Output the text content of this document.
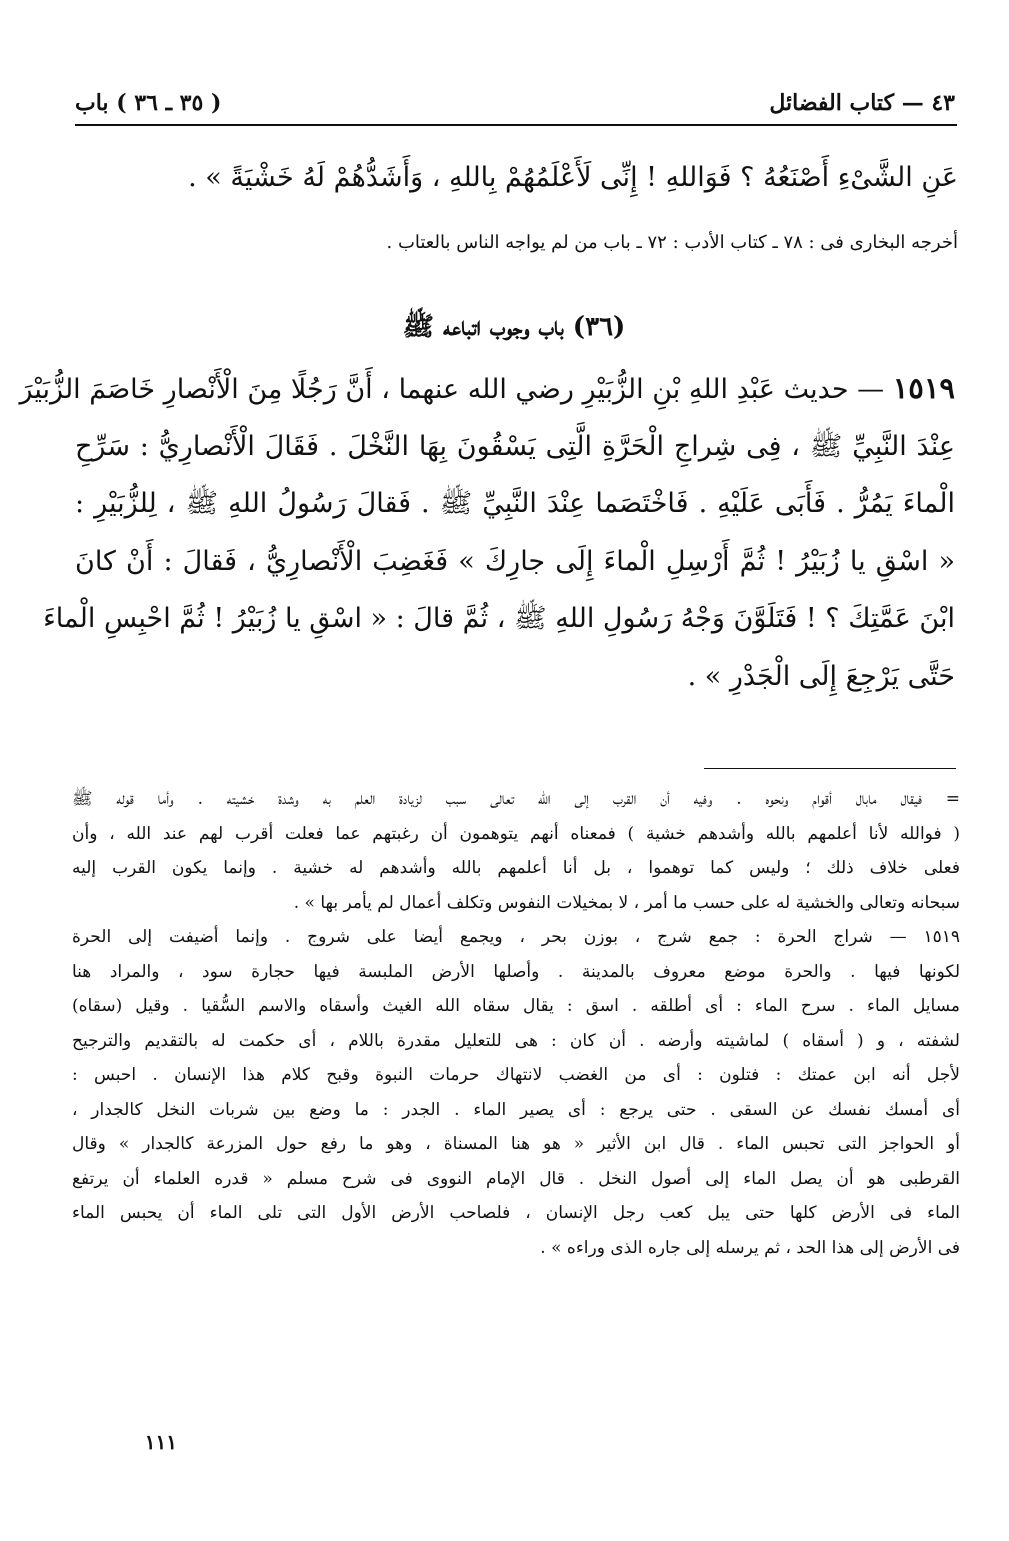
٤٣ — كتاب الفضائل
( ٣٥ ـ ٣٦ ) باب
عَنِ الشَّىْءِ أَصْنَعُهُ ؟ فَوَاللهِ ! إِنِّى لَأَعْلَمُهُمْ بِاللهِ ، وَأَشَدُّهُمْ لَهُ خَشْيَةً » .
أخرجه البخارى فى : ٧٨ ـ كتاب الأدب : ٧٢ ـ باب من لم يواجه الناس بالعتاب .
(٣٦) باب وجوب اتباعه ﷺ
١٥١٩ — حديث عَبْدِ اللهِ بْنِ الزُّبَيْرِ رضي الله عنهما ، أَنَّ رَجُلًا مِنَ الْأَنْصارِ خَاصَمَ الزُّبَيْرَ
عِنْدَ النَّبِيِّ ﷺ ، فِى شِراجِ الْحَرَّةِ الَّتِى يَسْقُونَ بِهَا النَّخْلَ . فَقَالَ الْأَنْصارِيُّ : سَرِّحِ
الْماءَ يَمُرُّ . فَأَبَى عَلَيْهِ . فَاخْتَصَما عِنْدَ النَّبِيِّ ﷺ . فَقالَ رَسُولُ اللهِ ﷺ ، لِلزُّبَيْرِ :
« اسْقِ يا زُبَيْرُ ! ثُمَّ أَرْسِلِ الْماءَ إِلَى جارِكَ » فَغَضِبَ الْأَنْصارِيُّ ، فَقالَ : أَنْ كانَ
ابْنَ عَمَّتِكَ ؟ ! فَتَلَوَّنَ وَجْهُ رَسُولِ اللهِ ﷺ ، ثُمَّ قالَ : « اسْقِ يا زُبَيْرُ ! ثُمَّ احْبِسِ الْماءَ
حَتَّى يَرْجِعَ إِلَى الْجَدْرِ » .
= فيقال مابال أقوام ونحوه . وفيه أن القرب إلى الله تعالى سبب لزيادة العلم به وشدة خشيته . وأما قوله ﷺ
( فوالله لأنا أعلمهم بالله وأشدهم خشية ) فمعناه أنهم يتوهمون أن رغبتهم عما فعلت أقرب لهم عند الله ، وأن
فعلى خلاف ذلك ؛ وليس كما توهموا ، بل أنا أعلمهم بالله وأشدهم له خشية . وإنما يكون القرب إليه
سبحانه وتعالى والخشية له على حسب ما أمر ، لا بمخيلات النفوس وتكلف أعمال لم يأمر بها » .
١٥١٩ — شراج الحرة : جمع شرج ، بوزن بحر ، ويجمع أيضا على شروج . وإنما أضيفت إلى الحرة
لكونها فيها . والحرة موضع معروف بالمدينة . وأصلها الأرض الملبسة فيها حجارة سود ، والمراد هنا
مسايل الماء . سرح الماء : أى أطلقه . اسق : يقال سقاه الله الغيث وأسقاه والاسم السُّقيا . وقيل (سقاه)
لشفته ، و ( أسقاه ) لماشيته وأرضه . أن كان : هى للتعليل مقدرة باللام ، أى حكمت له بالتقديم والترجيح
لأجل أنه ابن عمتك : فتلون : أى من الغضب لانتهاك حرمات النبوة وقبح كلام هذا الإنسان . احبس :
أى أمسك نفسك عن السقى . حتى يرجع : أى يصير الماء . الجدر : ما وضع بين شربات النخل كالجدار ،
أو الحواجز التى تحبس الماء . قال ابن الأثير « هو هنا المسناة ، وهو ما رفع حول المزرعة كالجدار » وقال
القرطبى هو أن يصل الماء إلى أصول النخل . قال الإمام النووى فى شرح مسلم « قدره العلماء أن يرتفع
الماء فى الأرض كلها حتى يبل كعب رجل الإنسان ، فلصاحب الأرض الأول التى تلى الماء أن يحبس الماء
فى الأرض إلى هذا الحد ، ثم يرسله إلى جاره الذى وراءه » .
١١١
